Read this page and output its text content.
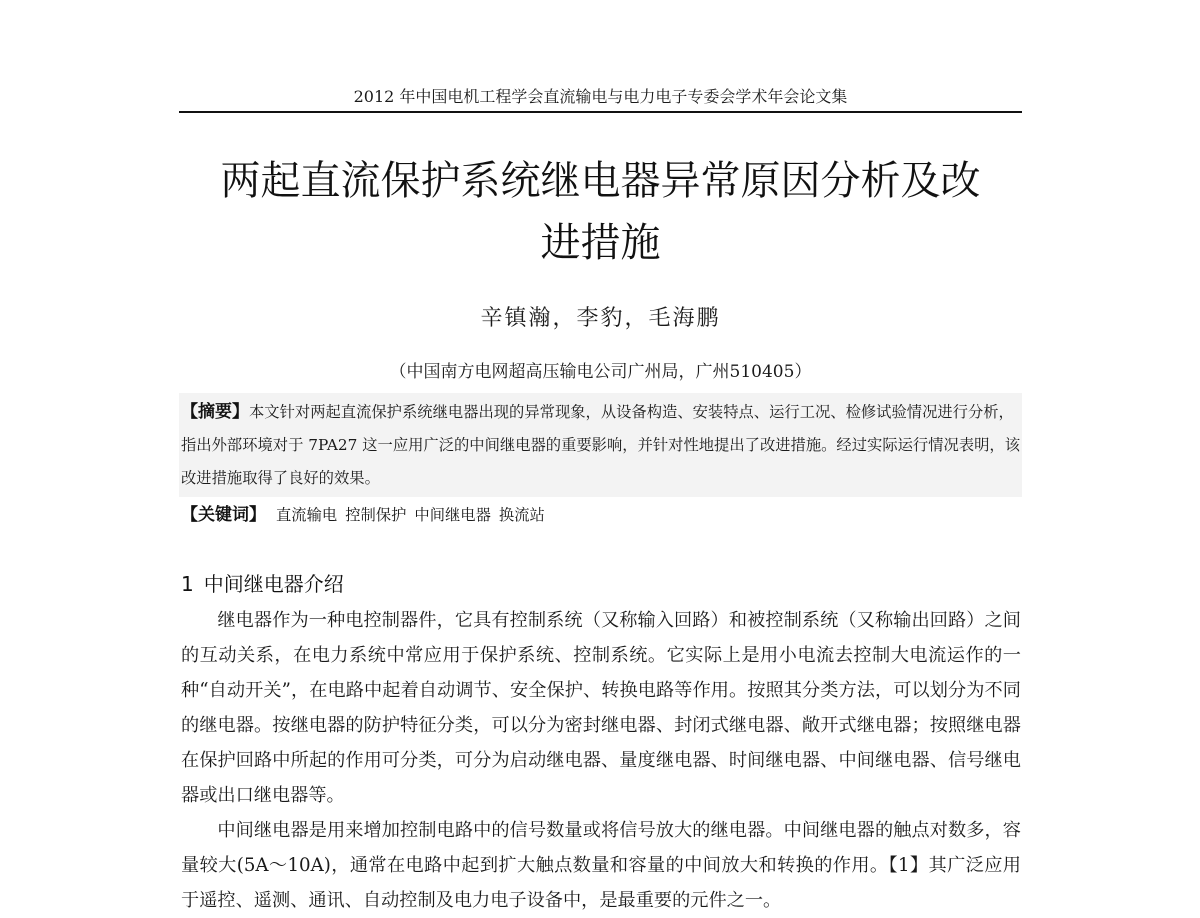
2012 年中国电机工程学会直流输电与电力电子专委会学术年会论文集
两起直流保护系统继电器异常原因分析及改
进措施
辛镇瀚，李豹，毛海鹏
（中国南方电网超高压输电公司广州局，广州510405）

【摘要】本文针对两起直流保护系统继电器出现的异常现象，从设备构造、安装特点、运行工况、检修试验情况进行分析，指出外部环境对于 7PA27 这一应用广泛的中间继电器的重要影响，并针对性地提出了改进措施。经过实际运行情况表明，该改进措施取得了良好的效果。

【关键词】 直流输电 控制保护 中间继电器 换流站
1 中间继电器介绍

继电器作为一种电控制器件，它具有控制系统（又称输入回路）和被控制系统（又称输出回路）之间的互动关系，在电力系统中常应用于保护系统、控制系统。它实际上是用小电流去控制大电流运作的一种“自动开关”，在电路中起着自动调节、安全保护、转换电路等作用。按照其分类方法，可以划分为不同的继电器。按继电器的防护特征分类，可以分为密封继电器、封闭式继电器、敞开式继电器；按照继电器在保护回路中所起的作用可分类，可分为启动继电器、量度继电器、时间继电器、中间继电器、信号继电器或出口继电器等。

中间继电器是用来增加控制电路中的信号数量或将信号放大的继电器。中间继电器的触点对数多，容量较大(5A～10A)，通常在电路中起到扩大触点数量和容量的中间放大和转换的作用。【1】其广泛应用于遥控、遥测、通讯、自动控制及电力电子设备中，是最重要的元件之一。
